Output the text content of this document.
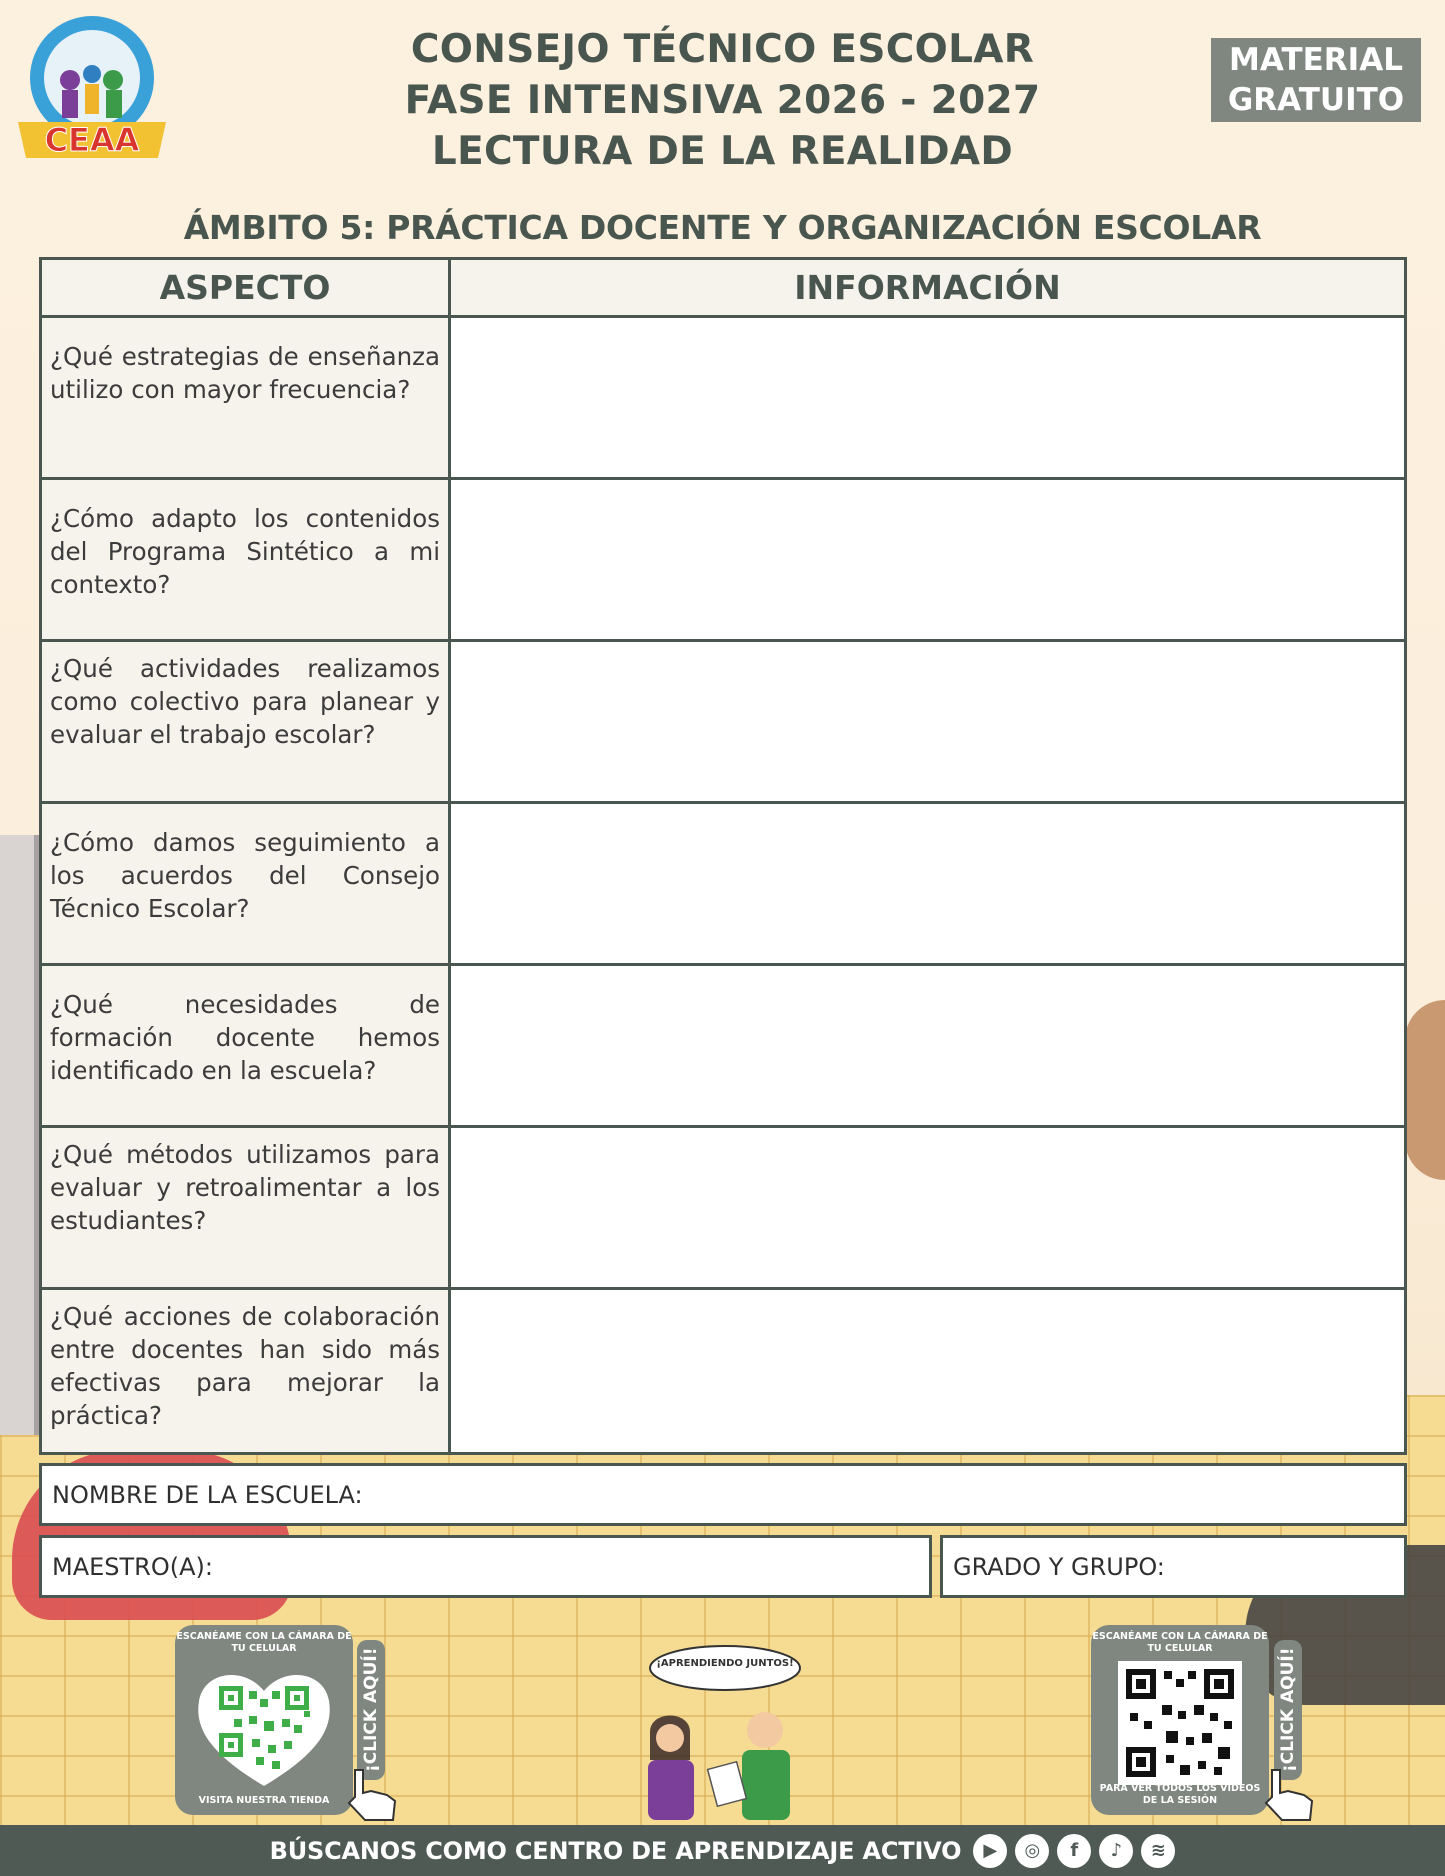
CEAA
CONSEJO TÉCNICO ESCOLAR
FASE INTENSIVA 2026 - 2027
LECTURA DE LA REALIDAD
MATERIAL
GRATUITO
ÁMBITO 5: PRÁCTICA DOCENTE Y ORGANIZACIÓN ESCOLAR
ASPECTO	INFORMACIÓN
¿Qué estrategias de enseñanza utilizo con mayor frecuencia?
¿Cómo adapto los contenidos del Programa Sintético a mi contexto?
¿Qué actividades realizamos como colectivo para planear y evaluar el trabajo escolar?
¿Cómo damos seguimiento a los acuerdos del Consejo Técnico Escolar?
¿Qué necesidades de formación docente hemos identificado en la escuela?
¿Qué métodos utilizamos para evaluar y retroalimentar a los estudiantes?
¿Qué acciones de colaboración entre docentes han sido más efectivas para mejorar la práctica?
NOMBRE DE LA ESCUELA:
MAESTRO(A):	GRADO Y GRUPO:
ESCANÉAME CON LA CÁMARA DE TU CELULAR
VISITA NUESTRA TIENDA
¡CLICK AQUÍ!	¡APRENDIENDO JUNTOS!
ESCANÉAME CON LA CÁMARA DE TU CELULAR
PARA VER TODOS LOS VIDEOS DE LA SESIÓN
¡CLICK AQUÍ!
BÚSCANOS COMO CENTRO DE APRENDIZAJE ACTIVO	▶	◎	f	♪	≋
